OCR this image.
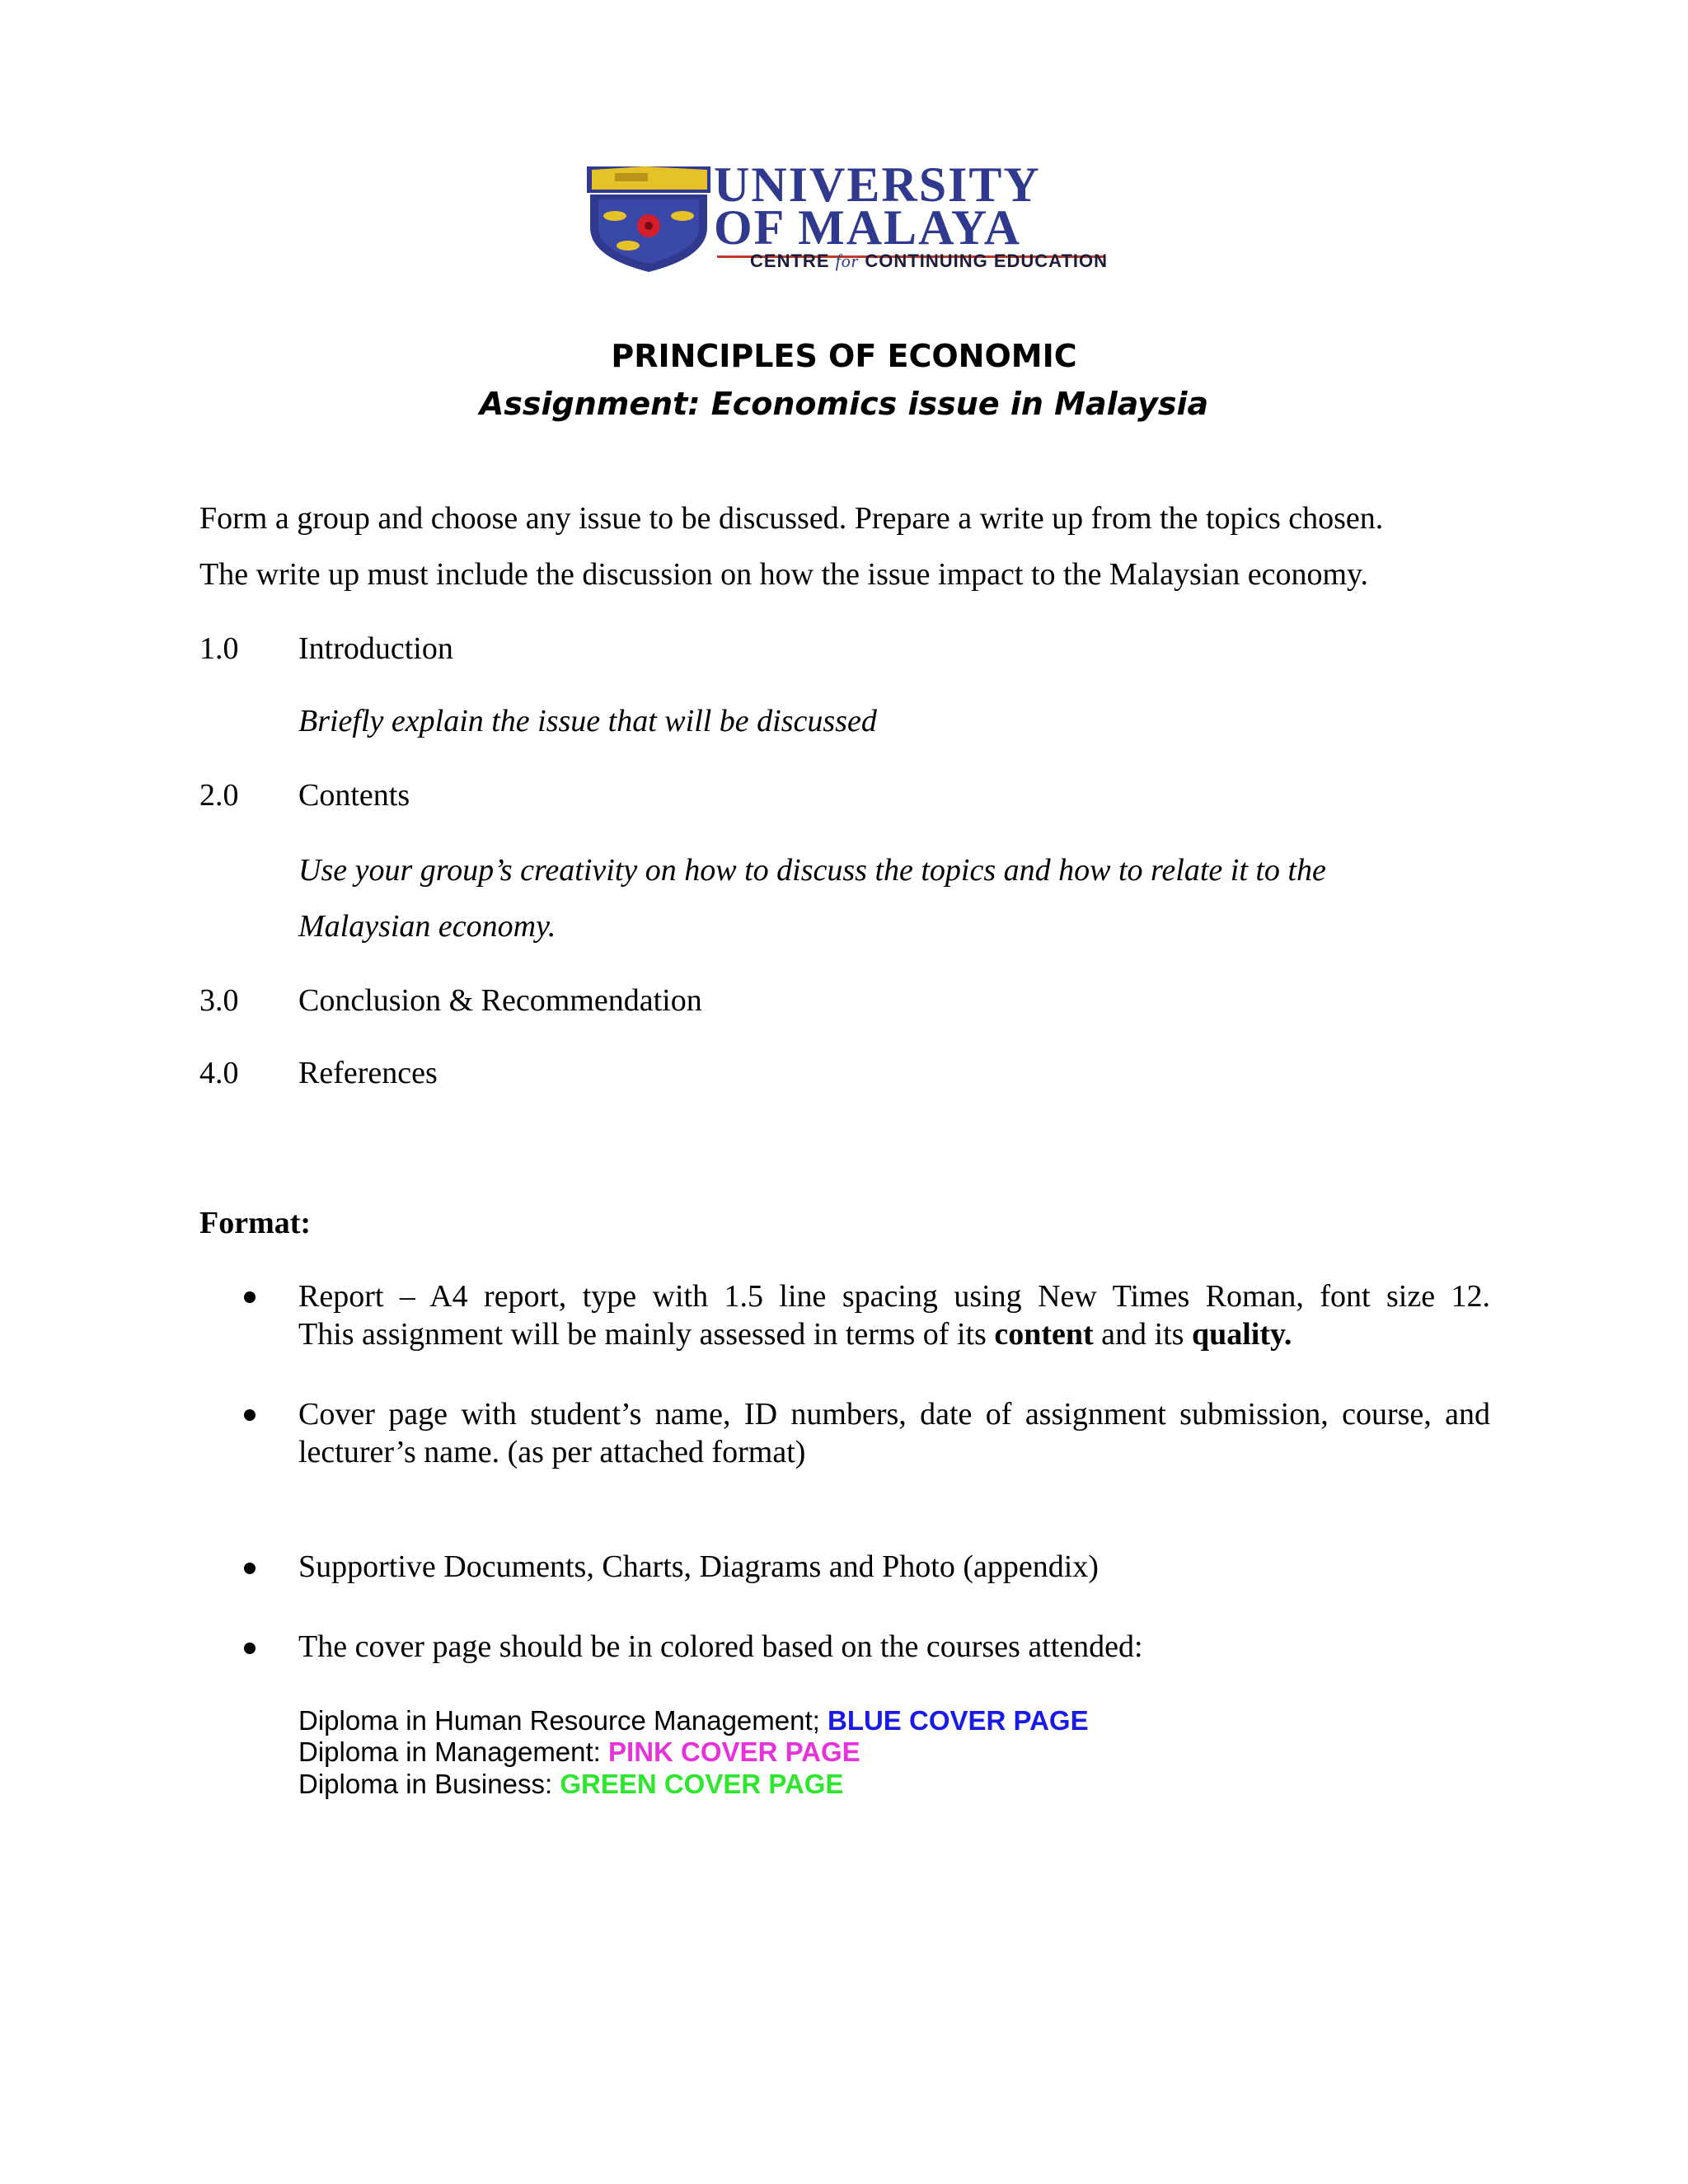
UNIVERSITY
OF MALAYA
CENTRE for CONTINUING EDUCATION
PRINCIPLES OF ECONOMIC
Assignment: Economics issue in Malaysia
Form a group and choose any issue to be discussed. Prepare a write up from the topics chosen.
The write up must include the discussion on how the issue impact to the Malaysian economy.
1.0 Introduction
Briefly explain the issue that will be discussed
2.0 Contents
Use your group’s creativity on how to discuss the topics and how to relate it to the
Malaysian economy.
3.0 Conclusion & Recommendation
4.0 References
Format:
Report – A4 report, type with 1.5 line spacing using New Times Roman, font size 12.
This assignment will be mainly assessed in terms of its content and its quality.
Cover page with student’s name, ID numbers, date of assignment submission, course, and
lecturer’s name. (as per attached format)
Supportive Documents, Charts, Diagrams and Photo (appendix)
The cover page should be in colored based on the courses attended:
Diploma in Human Resource Management; BLUE COVER PAGE
Diploma in Management: PINK COVER PAGE
Diploma in Business: GREEN COVER PAGE
